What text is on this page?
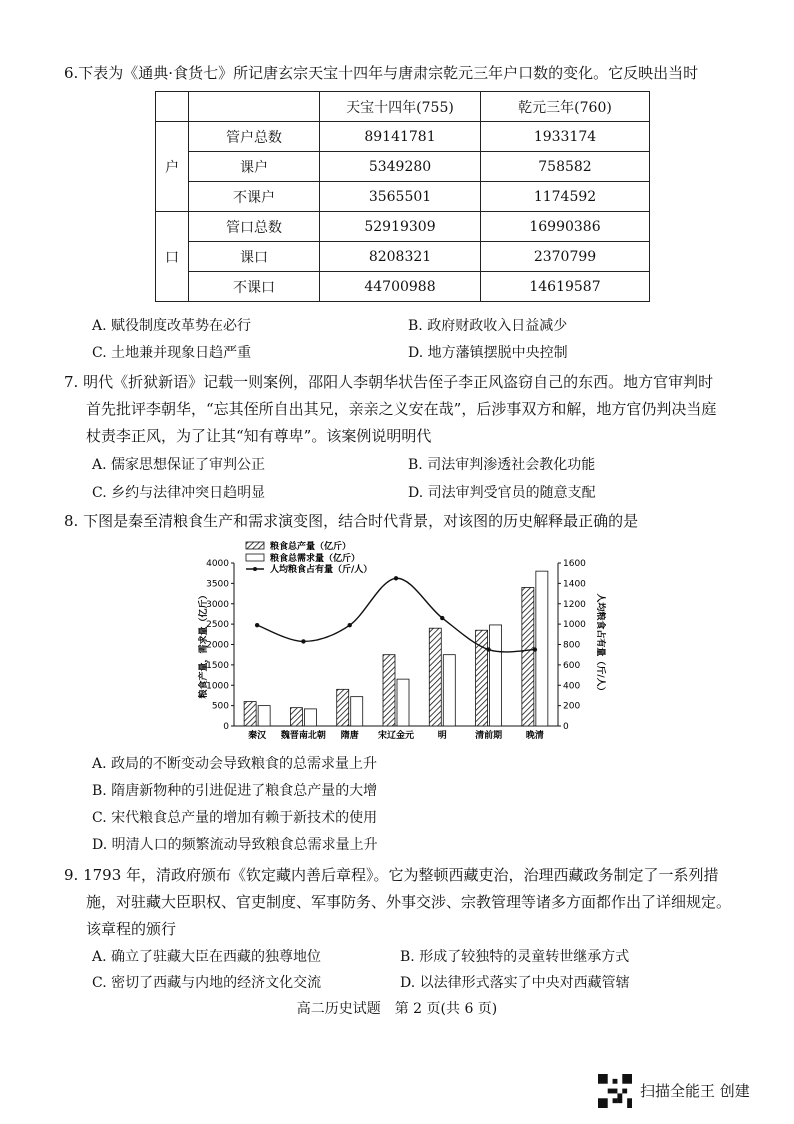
6.下表为《通典·食货七》所记唐玄宗天宝十四年与唐肃宗乾元三年户口数的变化。它反映出当时
		天宝十四年(755)	乾元三年(760)
户	管户总数	89141781	1933174
	课户	5349280	758582
	不课户	3565501	1174592
口	管口总数	52919309	16990386
	课口	8208321	2370799
	不课口	44700988	14619587
A. 赋役制度改革势在必行	B. 政府财政收入日益减少
C. 土地兼并现象日趋严重	D. 地方藩镇摆脱中央控制
7. 明代《折狱新语》记载一则案例，邵阳人李朝华状告侄子李正风盗窃自己的东西。地方官审判时
首先批评李朝华，“忘其侄所自出其兄，亲亲之义安在哉”，后涉事双方和解，地方官仍判决当庭
杖责李正风，为了让其“知有尊卑”。该案例说明明代
A. 儒家思想保证了审判公正	B. 司法审判渗透社会教化功能
C. 乡约与法律冲突日趋明显	D. 司法审判受官员的随意支配
8. 下图是秦至清粮食生产和需求演变图，结合时代背景，对该图的历史解释最正确的是
0
500
1000
1500
2000
2500
3000
3500
4000
0
200
400
600
800
1000
1200
1400
1600
粮食产量，需求量（亿斤）	人均粮食占有量（斤/人）
秦汉 魏晋南北朝 隋唐 宋辽金元	明	清前期	晚清
粮食总产量（亿斤）
粮食总需求量（亿斤）
人均粮食占有量（斤/人）
A. 政局的不断变动会导致粮食的总需求量上升
B. 隋唐新物种的引进促进了粮食总产量的大增
C. 宋代粮食总产量的增加有赖于新技术的使用
D. 明清人口的频繁流动导致粮食总需求量上升
9. 1793 年，清政府颁布《钦定藏内善后章程》。它为整顿西藏吏治，治理西藏政务制定了一系列措
施，对驻藏大臣职权、官吏制度、军事防务、外事交涉、宗教管理等诸多方面都作出了详细规定。
该章程的颁行
A. 确立了驻藏大臣在西藏的独尊地位	B. 形成了较独特的灵童转世继承方式
C. 密切了西藏与内地的经济文化交流	D. 以法律形式落实了中央对西藏管辖
高二历史试题　第 2 页(共 6 页)
扫描全能王 创建
